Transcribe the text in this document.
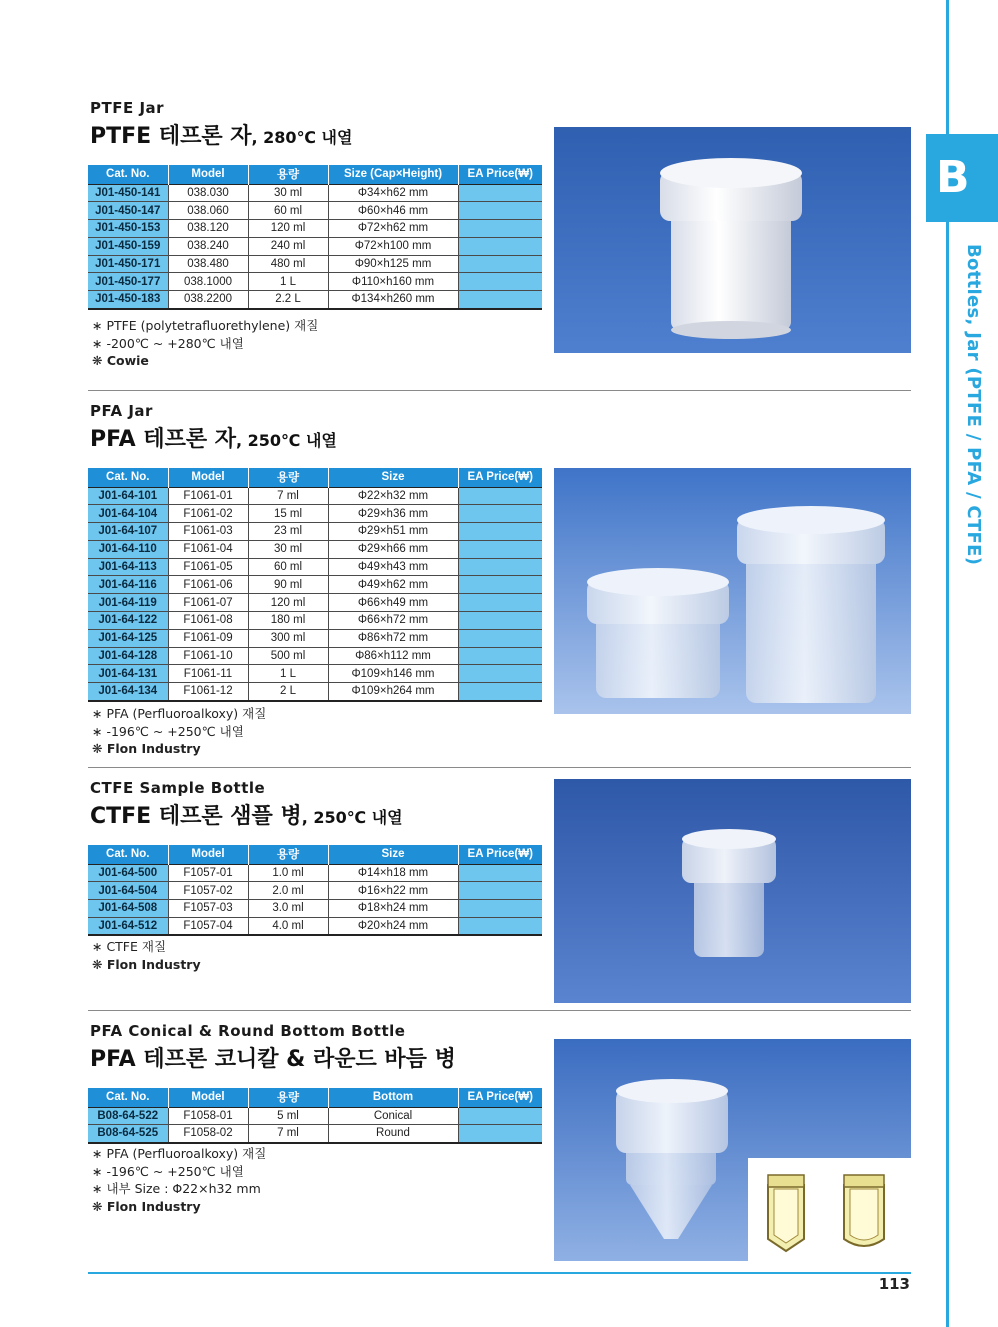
B
Bottles, Jar (PTFE / PFA / CTFE)
PTFE Jar
PTFE 테프론 자, 280℃ 내열
Cat. No.	Model	용량	Size (Cap×Height)	EA Price(₩)
J01-450-141	038.030	30 ml	Φ34×h62 mm	
J01-450-147	038.060	60 ml	Φ60×h46 mm	
J01-450-153	038.120	120 ml	Φ72×h62 mm	
J01-450-159	038.240	240 ml	Φ72×h100 mm	
J01-450-171	038.480	480 ml	Φ90×h125 mm	
J01-450-177	038.1000	1 L	Φ110×h160 mm	
J01-450-183	038.2200	2.2 L	Φ134×h260 mm	
∗ PTFE (polytetrafluorethylene) 재질
∗ -200℃ ~ +280℃ 내열
❋ Cowie
PFA Jar
PFA 테프론 자, 250℃ 내열
Cat. No.	Model	용량	Size	EA Price(₩)
J01-64-101	F1061-01	7 ml	Φ22×h32 mm	
J01-64-104	F1061-02	15 ml	Φ29×h36 mm	
J01-64-107	F1061-03	23 ml	Φ29×h51 mm	
J01-64-110	F1061-04	30 ml	Φ29×h66 mm	
J01-64-113	F1061-05	60 ml	Φ49×h43 mm	
J01-64-116	F1061-06	90 ml	Φ49×h62 mm	
J01-64-119	F1061-07	120 ml	Φ66×h49 mm	
J01-64-122	F1061-08	180 ml	Φ66×h72 mm	
J01-64-125	F1061-09	300 ml	Φ86×h72 mm	
J01-64-128	F1061-10	500 ml	Φ86×h112 mm	
J01-64-131	F1061-11	1 L	Φ109×h146 mm	
J01-64-134	F1061-12	2 L	Φ109×h264 mm	
∗ PFA (Perfluoroalkoxy) 재질
∗ -196℃ ~ +250℃ 내열
❋ Flon Industry
CTFE Sample Bottle
CTFE 테프론 샘플 병, 250℃ 내열
Cat. No.	Model	용량	Size	EA Price(₩)
J01-64-500	F1057-01	1.0 ml	Φ14×h18 mm	
J01-64-504	F1057-02	2.0 ml	Φ16×h22 mm	
J01-64-508	F1057-03	3.0 ml	Φ18×h24 mm	
J01-64-512	F1057-04	4.0 ml	Φ20×h24 mm	
∗ CTFE 재질
❋ Flon Industry
PFA Conical & Round Bottom Bottle
PFA 테프론 코니칼 & 라운드 바듬 병
Cat. No.	Model	용량	Bottom	EA Price(₩)
B08-64-522	F1058-01	5 ml	Conical	
B08-64-525	F1058-02	7 ml	Round	
∗ PFA (Perfluoroalkoxy) 재질
∗ -196℃ ~ +250℃ 내열
∗ 내부 Size : Φ22×h32 mm
❋ Flon Industry
113
